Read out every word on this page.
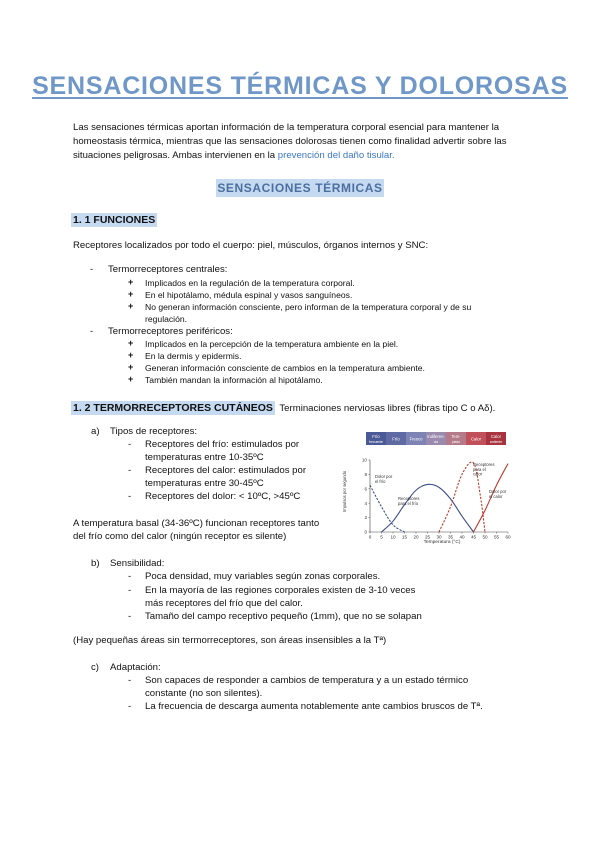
SENSACIONES TÉRMICAS Y DOLOROSAS
Las sensaciones térmicas aportan información de la temperatura corporal esencial para mantener la homeostasis térmica, mientras que las sensaciones dolorosas tienen como finalidad advertir sobre las situaciones peligrosas. Ambas intervienen en la prevención del daño tisular.
SENSACIONES TÉRMICAS
1. 1 FUNCIONES
Receptores localizados por todo el cuerpo: piel, músculos, órganos internos y SNC:
- Termorreceptores centrales:
+ Implicados en la regulación de la temperatura corporal.
+ En el hipotálamo, médula espinal y vasos sanguíneos.
+ No generan información consciente, pero informan de la temperatura corporal y de su
regulación.
- Termorreceptores periféricos:
+ Implicados en la percepción de la temperatura ambiente en la piel.
+ En la dermis y epidermis.
+ Generan información consciente de cambios en la temperatura ambiente.
+ También mandan la información al hipotálamo.
1. 2 TERMORRECEPTORES CUTÁNEOS Terminaciones nerviosas libres (fibras tipo C o Aδ).
a) Tipos de receptores:
- Receptores del frío: estimulados por
temperaturas entre 10-35ºC
- Receptores del calor: estimulados por
temperaturas entre 30-45ºC
- Receptores del dolor: < 10ºC, >45ºC
A temperatura basal (34-36ºC) funcionan receptores tanto
del frío como del calor (ningún receptor es silente)
Frío
frecuente
Frío Fresco Indiferen-
cia
Tem-
plado
Calor Calor
ardiente
0
2
4
6
8
10
0 5 10 15 20 25 30 35 40 45 50 55 60
Impulsos por segundo
Temperatura (°C)
Dolor por
el frío
Receptores
para el frío
Receptores
para el
calor
Dolor por
el calor
b) Sensibilidad:
- Poca densidad, muy variables según zonas corporales.
- En la mayoría de las regiones corporales existen de 3-10 veces
más receptores del frío que del calor.
- Tamaño del campo receptivo pequeño (1mm), que no se solapan
(Hay pequeñas áreas sin termorreceptores, son áreas insensibles a la Tª)
c) Adaptación:
- Son capaces de responder a cambios de temperatura y a un estado térmico
constante (no son silentes).
- La frecuencia de descarga aumenta notablemente ante cambios bruscos de Tª.
